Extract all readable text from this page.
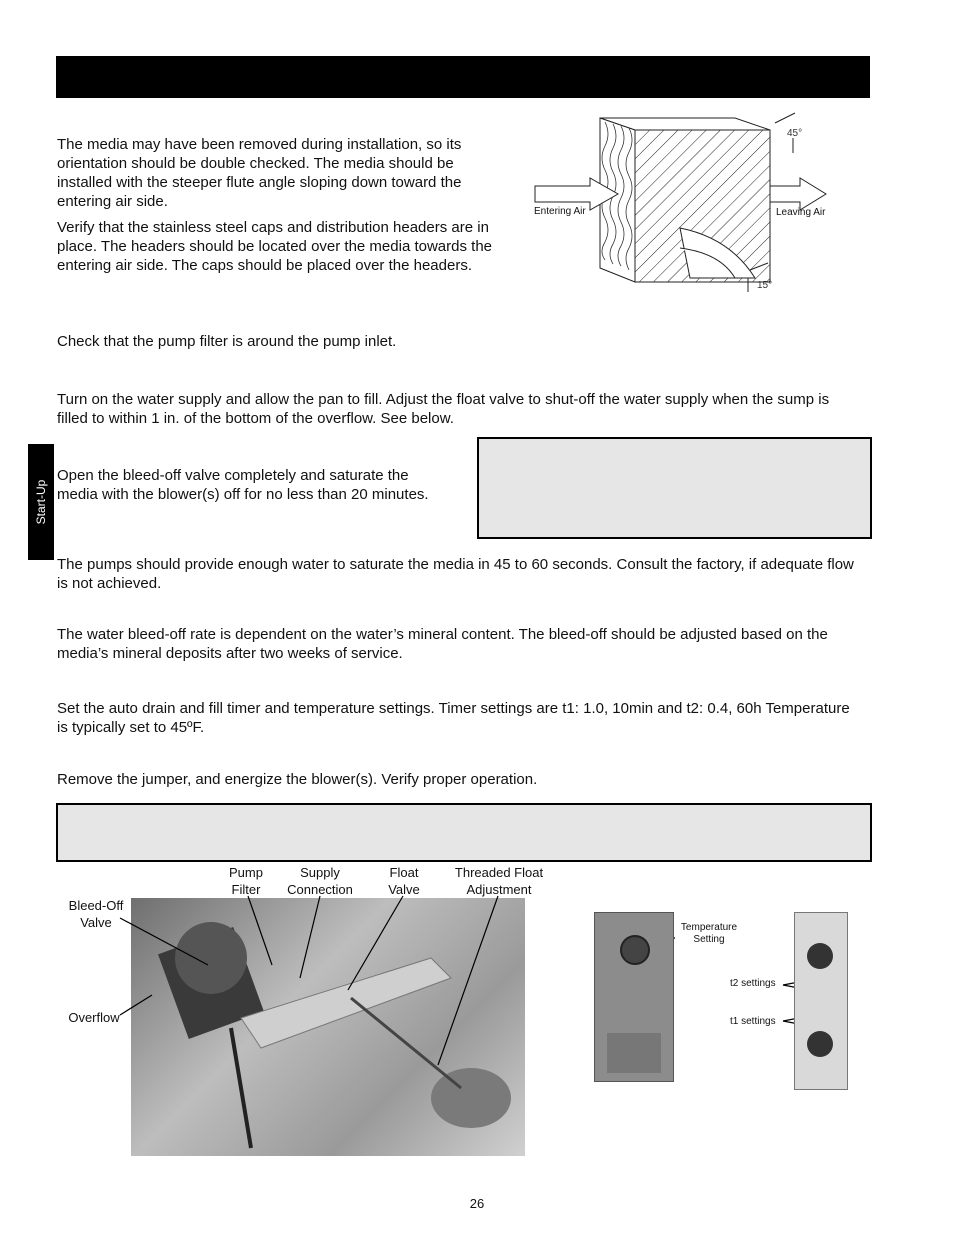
Start-Up

The media may have been removed during installation, so its orientation should be double checked. The media should be installed with the steeper flute angle sloping down toward the entering air side.

Verify that the stainless steel caps and distribution headers are in place. The headers should be located over the media towards the entering air side. The caps should be placed over the headers.

45°
15°
Entering Air	Leaving Air

Check that the pump filter is around the pump inlet.

Turn on the water supply and allow the pan to fill. Adjust the float valve to shut-off the water supply when the sump is filled to within 1 in. of the bottom of the overflow. See below.

Open the bleed-off valve completely and saturate the media with the blower(s) off for no less than 20 minutes.

The pumps should provide enough water to saturate the media in 45 to 60 seconds. Consult the factory, if adequate flow is not achieved.

The water bleed-off rate is dependent on the water’s mineral content. The bleed-off should be adjusted based on the media’s mineral deposits after two weeks of service.

Set the auto drain and fill timer and temperature settings. Timer settings are t1: 1.0, 10min and t2: 0.4, 60h Temperature is typically set to 45ºF.

Remove the jumper, and energize the blower(s). Verify proper operation.

Pump Filter
Supply Connection
Float Valve
Threaded Float Adjustment
Bleed-Off Valve
Overflow
Temperature Setting
t2 settings
t1 settings
26
